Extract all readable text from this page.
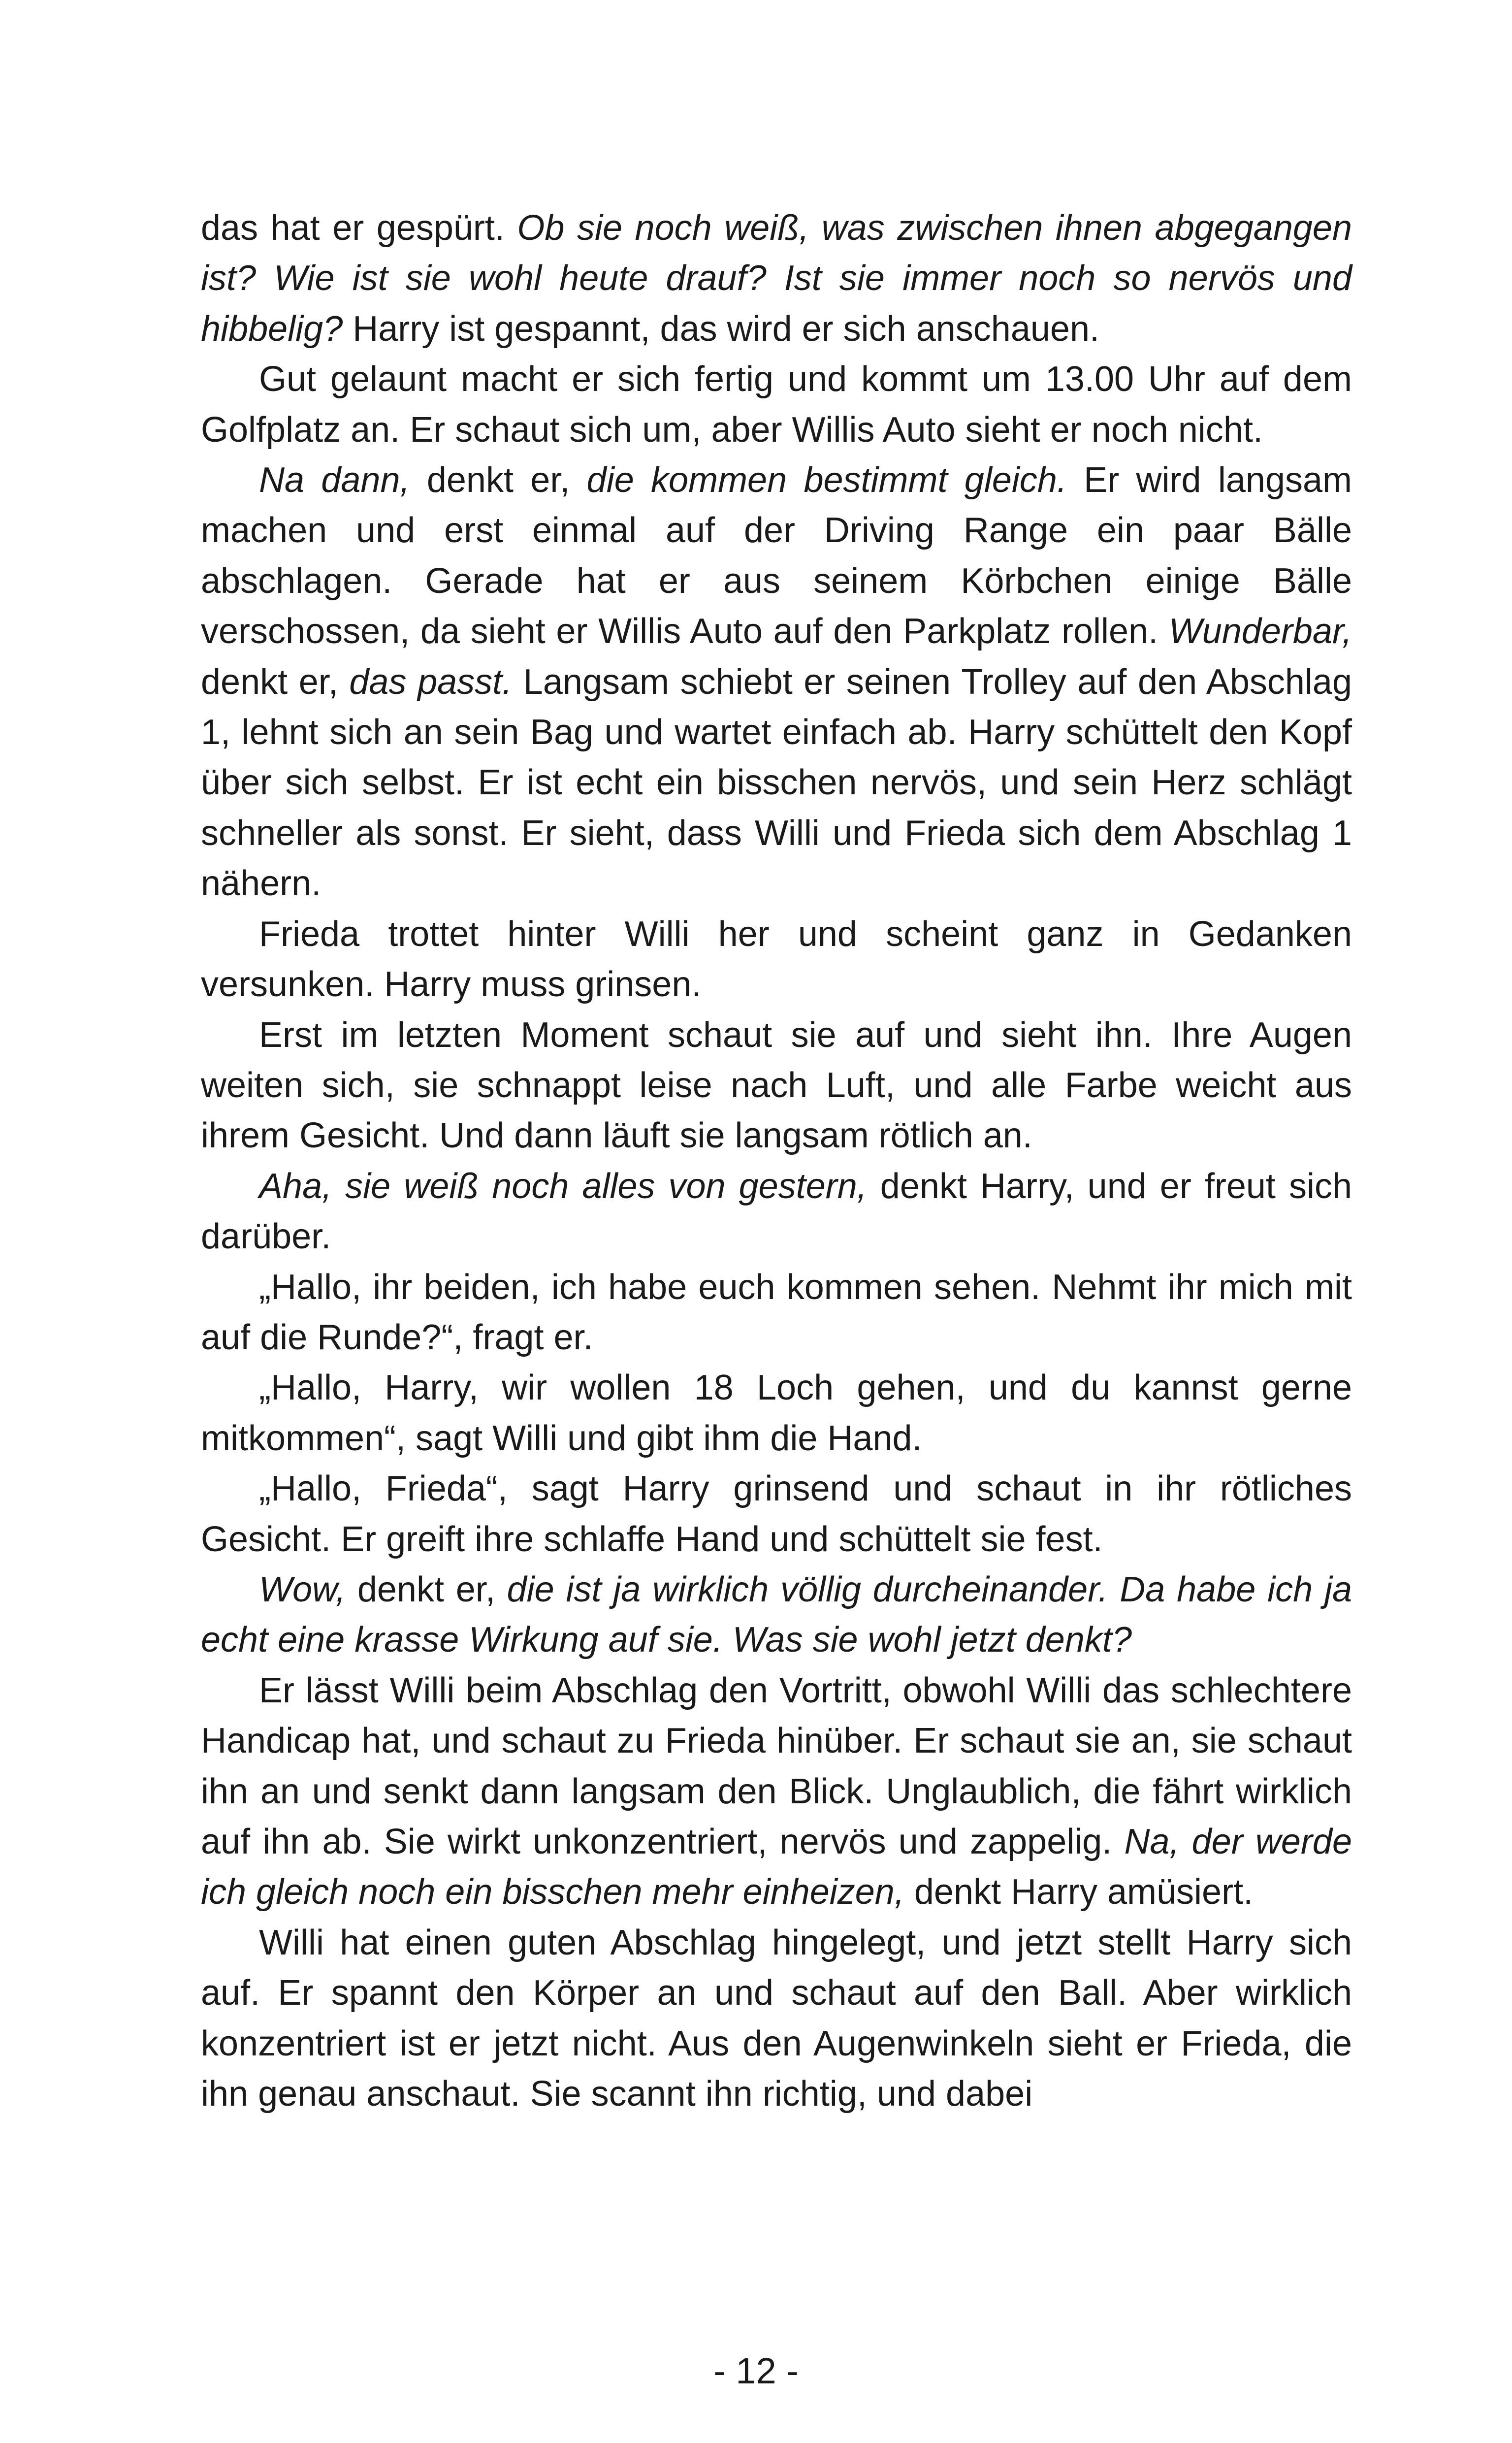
das hat er gespürt. Ob sie noch weiß, was zwischen ihnen abgegangen ist? Wie ist sie wohl heute drauf? Ist sie immer noch so nervös und hibbelig? Harry ist gespannt, das wird er sich anschauen.

Gut gelaunt macht er sich fertig und kommt um 13.00 Uhr auf dem Golfplatz an. Er schaut sich um, aber Willis Auto sieht er noch nicht.

Na dann, denkt er, die kommen bestimmt gleich. Er wird langsam machen und erst einmal auf der Driving Range ein paar Bälle abschlagen. Gerade hat er aus seinem Körbchen einige Bälle verschossen, da sieht er Willis Auto auf den Parkplatz rollen. Wunderbar, denkt er, das passt. Langsam schiebt er seinen Trolley auf den Abschlag 1, lehnt sich an sein Bag und wartet einfach ab. Harry schüttelt den Kopf über sich selbst. Er ist echt ein bisschen nervös, und sein Herz schlägt schneller als sonst. Er sieht, dass Willi und Frieda sich dem Abschlag 1 nähern.

Frieda trottet hinter Willi her und scheint ganz in Gedanken versunken. Harry muss grinsen.

Erst im letzten Moment schaut sie auf und sieht ihn. Ihre Augen weiten sich, sie schnappt leise nach Luft, und alle Farbe weicht aus ihrem Gesicht. Und dann läuft sie langsam rötlich an.

Aha, sie weiß noch alles von gestern, denkt Harry, und er freut sich darüber.

„Hallo, ihr beiden, ich habe euch kommen sehen. Nehmt ihr mich mit auf die Runde?“, fragt er.

„Hallo, Harry, wir wollen 18 Loch gehen, und du kannst gerne mitkommen“, sagt Willi und gibt ihm die Hand.

„Hallo, Frieda“, sagt Harry grinsend und schaut in ihr rötliches Gesicht. Er greift ihre schlaffe Hand und schüttelt sie fest.

Wow, denkt er, die ist ja wirklich völlig durcheinander. Da habe ich ja echt eine krasse Wirkung auf sie. Was sie wohl jetzt denkt?

Er lässt Willi beim Abschlag den Vortritt, obwohl Willi das schlechtere Handicap hat, und schaut zu Frieda hinüber. Er schaut sie an, sie schaut ihn an und senkt dann langsam den Blick. Unglaublich, die fährt wirklich auf ihn ab. Sie wirkt unkonzentriert, nervös und zappelig. Na, der werde ich gleich noch ein bisschen mehr einheizen, denkt Harry amüsiert.

Willi hat einen guten Abschlag hingelegt, und jetzt stellt Harry sich auf. Er spannt den Körper an und schaut auf den Ball. Aber wirklich konzentriert ist er jetzt nicht. Aus den Augenwinkeln sieht er Frieda, die ihn genau anschaut. Sie scannt ihn richtig, und dabei

- 12 -
